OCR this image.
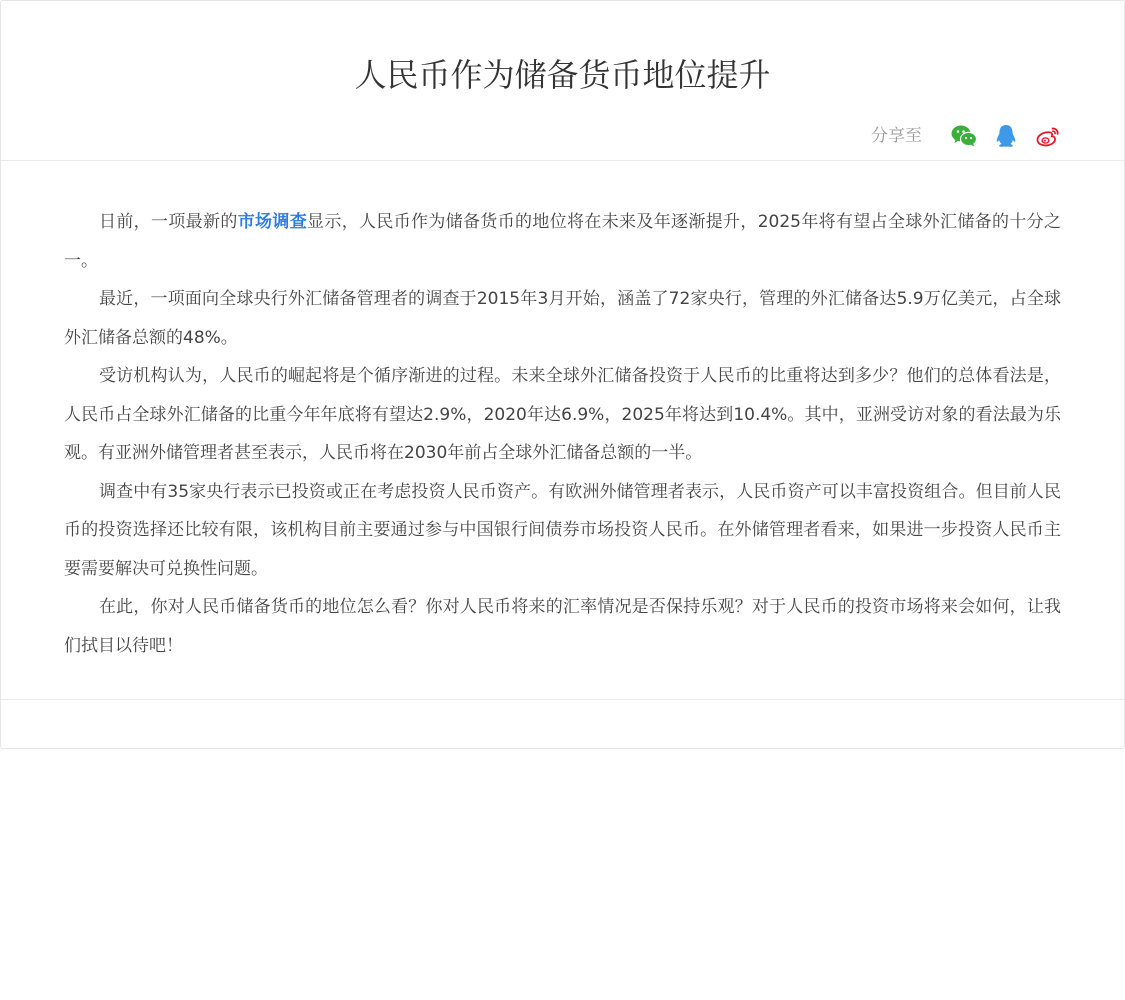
人民币作为储备货币地位提升
分享至

日前，一项最新的市场调查显示，人民币作为储备货币的地位将在未来及年逐渐提升，2025年将有望占全球外汇储备的十分之一。

最近，一项面向全球央行外汇储备管理者的调查于2015年3月开始，涵盖了72家央行，管理的外汇储备达5.9万亿美元，占全球外汇储备总额的48%。

受访机构认为，人民币的崛起将是个循序渐进的过程。未来全球外汇储备投资于人民币的比重将达到多少？他们的总体看法是，人民币占全球外汇储备的比重今年年底将有望达2.9%，2020年达6.9%，2025年将达到10.4%。其中，亚洲受访对象的看法最为乐观。有亚洲外储管理者甚至表示，人民币将在2030年前占全球外汇储备总额的一半。

调查中有35家央行表示已投资或正在考虑投资人民币资产。有欧洲外储管理者表示，人民币资产可以丰富投资组合。但目前人民币的投资选择还比较有限，该机构目前主要通过参与中国银行间债券市场投资人民币。在外储管理者看来，如果进一步投资人民币主要需要解决可兑换性问题。

在此，你对人民币储备货币的地位怎么看？你对人民币将来的汇率情况是否保持乐观？对于人民币的投资市场将来会如何，让我们拭目以待吧！
